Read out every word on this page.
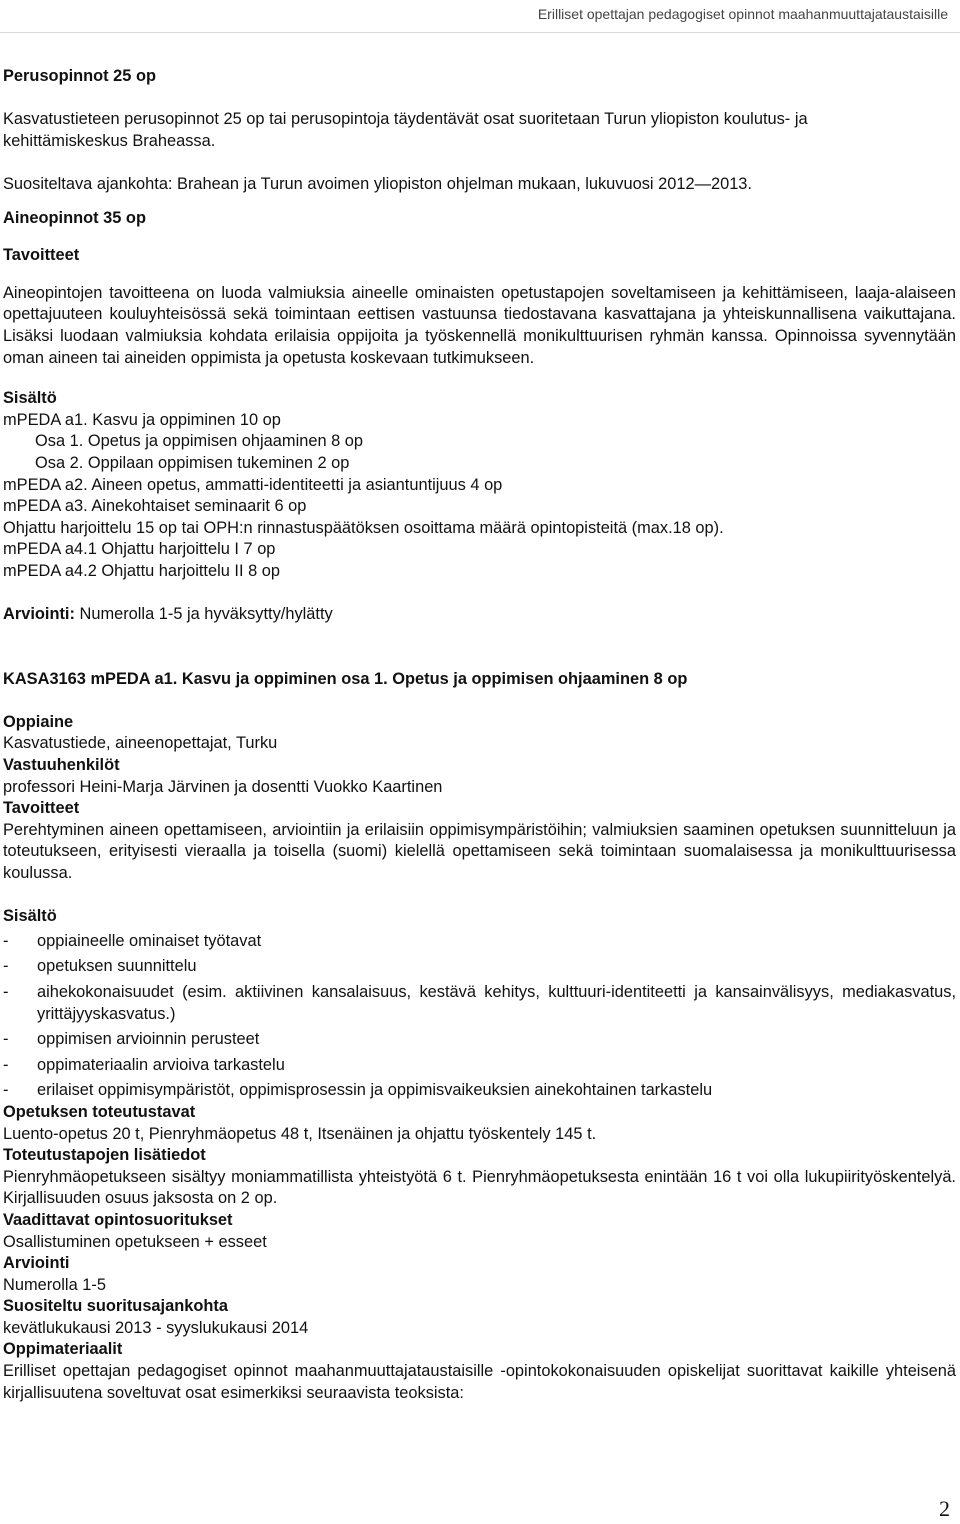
Erilliset opettajan pedagogiset opinnot maahanmuuttajataustaisille

Perusopinnot 25 op

Kasvatustieteen perusopinnot 25 op tai perusopintoja täydentävät osat suoritetaan Turun yliopiston koulutus- ja

kehittämiskeskus Braheassa.

Suositeltava ajankohta: Brahean ja Turun avoimen yliopiston ohjelman mukaan, lukuvuosi 2012—2013.

Aineopinnot 35 op

Tavoitteet

Aineopintojen tavoitteena on luoda valmiuksia aineelle ominaisten opetustapojen soveltamiseen ja kehittämiseen, laaja-alaiseen opettajuuteen kouluyhteisössä sekä toimintaan eettisen vastuunsa tiedostavana kasvattajana ja yhteiskunnallisena vaikuttajana. Lisäksi luodaan valmiuksia kohdata erilaisia oppijoita ja työskennellä monikulttuurisen ryhmän kanssa. Opinnoissa syvennytään oman aineen tai aineiden oppimista ja opetusta koskevaan tutkimukseen.

Sisältö

mPEDA a1. Kasvu ja oppiminen 10 op

Osa 1. Opetus ja oppimisen ohjaaminen 8 op

Osa 2. Oppilaan oppimisen tukeminen 2 op

mPEDA a2. Aineen opetus, ammatti-identiteetti ja asiantuntijuus 4 op

mPEDA a3. Ainekohtaiset seminaarit 6 op

Ohjattu harjoittelu 15 op tai OPH:n rinnastuspäätöksen osoittama määrä opintopisteitä (max.18 op).

mPEDA a4.1 Ohjattu harjoittelu I 7 op

mPEDA a4.2 Ohjattu harjoittelu II 8 op

Arviointi: Numerolla 1-5 ja hyväksytty/hylätty

KASA3163 mPEDA a1. Kasvu ja oppiminen osa 1. Opetus ja oppimisen ohjaaminen 8 op

Oppiaine

Kasvatustiede, aineenopettajat, Turku

Vastuuhenkilöt

professori Heini-Marja Järvinen ja dosentti Vuokko Kaartinen

Tavoitteet

Perehtyminen aineen opettamiseen, arviointiin ja erilaisiin oppimisympäristöihin; valmiuksien saaminen opetuksen suunnitteluun ja toteutukseen, erityisesti vieraalla ja toisella (suomi) kielellä opettamiseen sekä toimintaan suomalaisessa ja monikulttuurisessa koulussa.

Sisältö

-	oppiaineelle ominaiset työtavat
-	opetuksen suunnittelu
-	aihekokonaisuudet (esim. aktiivinen kansalaisuus, kestävä kehitys, kulttuuri-identiteetti ja kansainvälisyys, mediakasvatus, yrittäjyyskasvatus.)
-	oppimisen arvioinnin perusteet
-	oppimateriaalin arvioiva tarkastelu
-	erilaiset oppimisympäristöt, oppimisprosessin ja oppimisvaikeuksien ainekohtainen tarkastelu

Opetuksen toteutustavat

Luento-opetus 20 t, Pienryhmäopetus 48 t, Itsenäinen ja ohjattu työskentely 145 t.

Toteutustapojen lisätiedot

Pienryhmäopetukseen sisältyy moniammatillista yhteistyötä 6 t. Pienryhmäopetuksesta enintään 16 t voi olla lukupiirityöskentelyä. Kirjallisuuden osuus jaksosta on 2 op.

Vaadittavat opintosuoritukset

Osallistuminen opetukseen + esseet

Arviointi

Numerolla 1-5

Suositeltu suoritusajankohta

kevätlukukausi 2013 - syyslukukausi 2014

Oppimateriaalit

Erilliset opettajan pedagogiset opinnot maahanmuuttajataustaisille -opintokokonaisuuden opiskelijat suorittavat kaikille yhteisenä kirjallisuutena soveltuvat osat esimerkiksi seuraavista teoksista:

2
